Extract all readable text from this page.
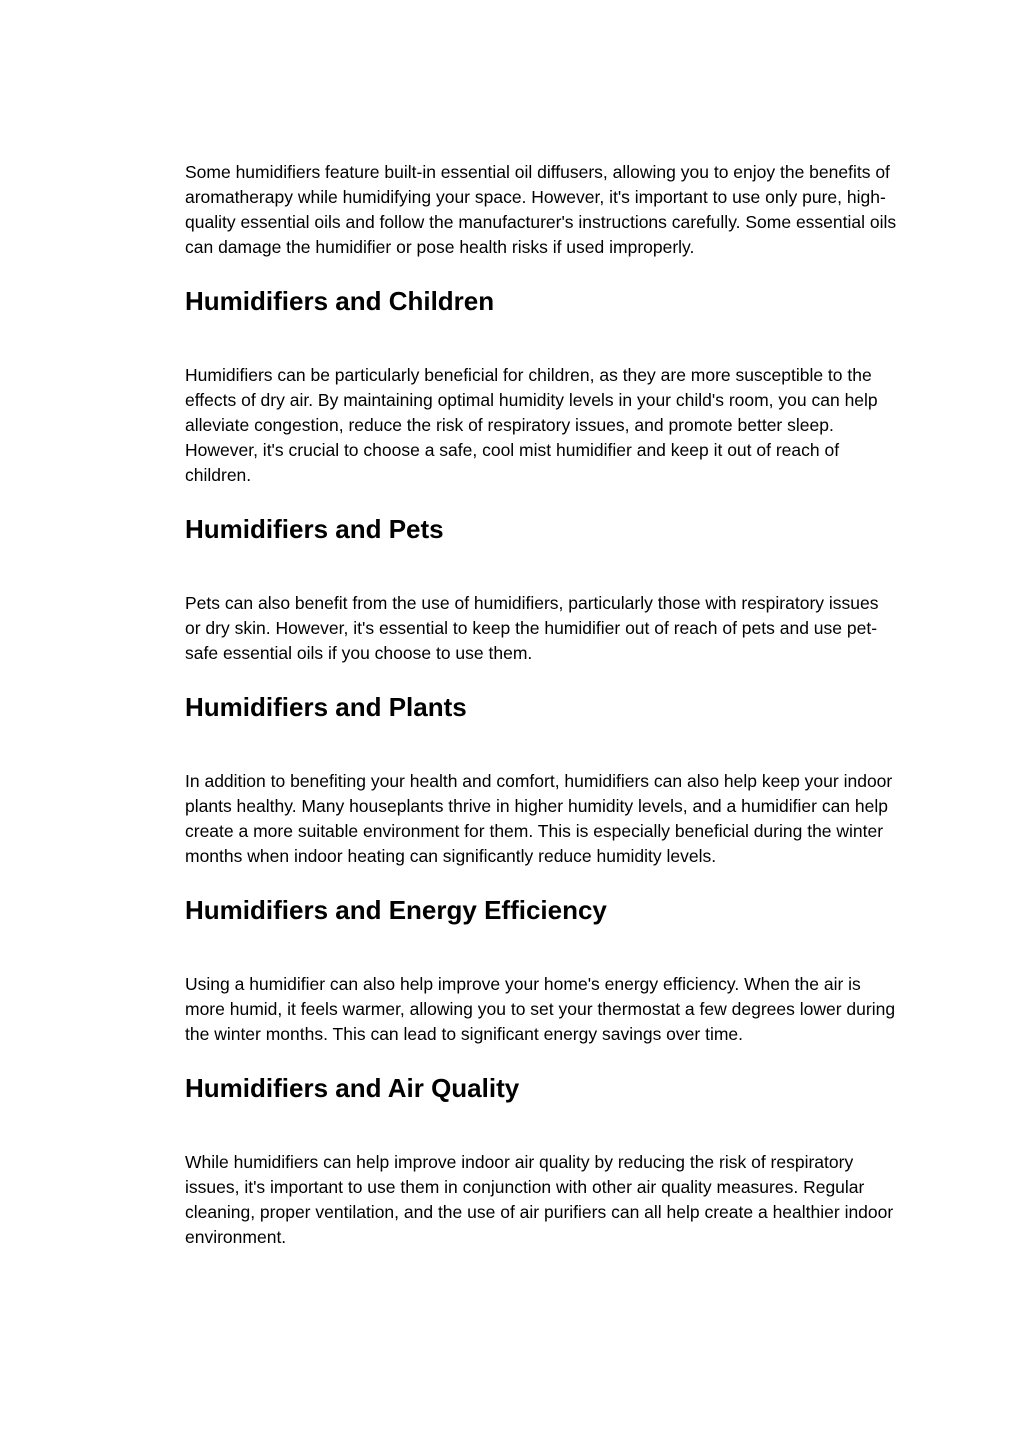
Some humidifiers feature built-in essential oil diffusers, allowing you to enjoy the benefits of aromatherapy while humidifying your space. However, it's important to use only pure, high-quality essential oils and follow the manufacturer's instructions carefully. Some essential oils can damage the humidifier or pose health risks if used improperly.

Humidifiers and Children

Humidifiers can be particularly beneficial for children, as they are more susceptible to the effects of dry air. By maintaining optimal humidity levels in your child's room, you can help alleviate congestion, reduce the risk of respiratory issues, and promote better sleep. However, it's crucial to choose a safe, cool mist humidifier and keep it out of reach of children.

Humidifiers and Pets

Pets can also benefit from the use of humidifiers, particularly those with respiratory issues or dry skin. However, it's essential to keep the humidifier out of reach of pets and use pet-safe essential oils if you choose to use them.

Humidifiers and Plants

In addition to benefiting your health and comfort, humidifiers can also help keep your indoor plants healthy. Many houseplants thrive in higher humidity levels, and a humidifier can help create a more suitable environment for them. This is especially beneficial during the winter months when indoor heating can significantly reduce humidity levels.

Humidifiers and Energy Efficiency

Using a humidifier can also help improve your home's energy efficiency. When the air is more humid, it feels warmer, allowing you to set your thermostat a few degrees lower during the winter months. This can lead to significant energy savings over time.

Humidifiers and Air Quality

While humidifiers can help improve indoor air quality by reducing the risk of respiratory issues, it's important to use them in conjunction with other air quality measures. Regular cleaning, proper ventilation, and the use of air purifiers can all help create a healthier indoor environment.
